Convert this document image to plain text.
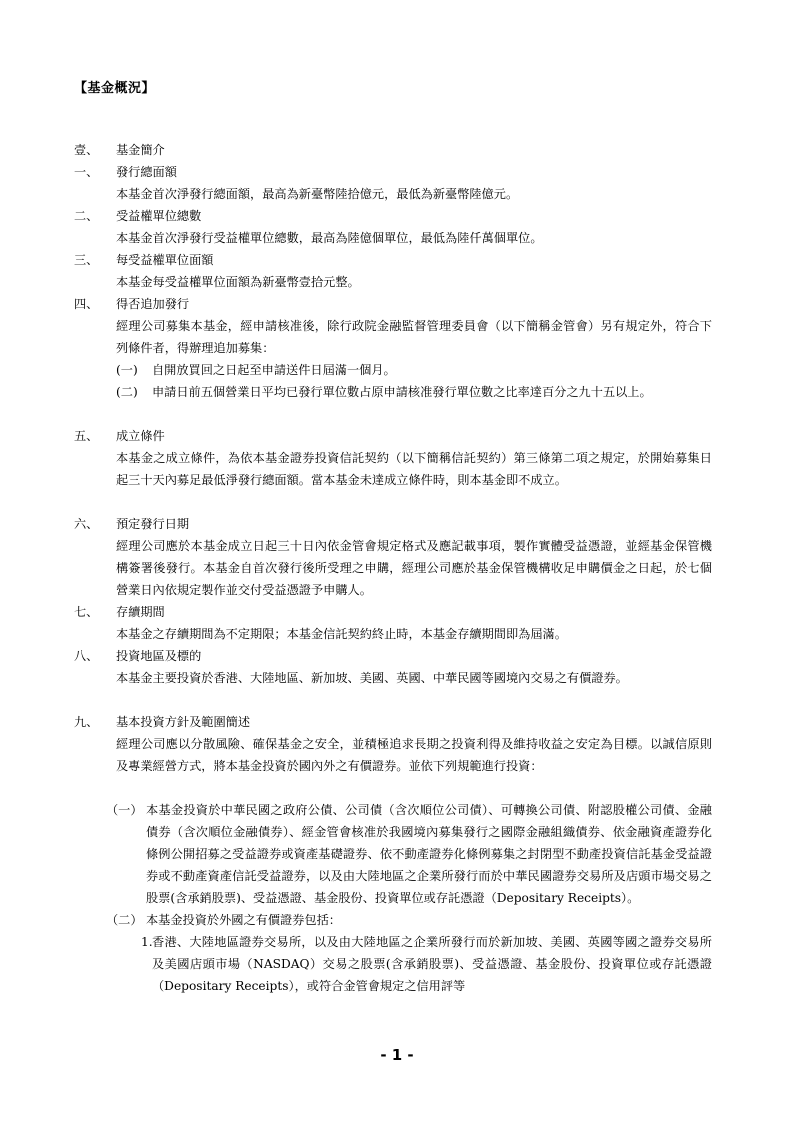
【基金概況】
壹、 基金簡介
一、 發行總面額
本基金首次淨發行總面額，最高為新臺幣陸拾億元，最低為新臺幣陸億元。
二、 受益權單位總數
本基金首次淨發行受益權單位總數，最高為陸億個單位，最低為陸仟萬個單位。
三、 每受益權單位面額
本基金每受益權單位面額為新臺幣壹拾元整。
四、 得否追加發行
經理公司募集本基金，經申請核准後，除行政院金融監督管理委員會（以下簡稱金管會）另有規定外，符合下列條件者，得辦理追加募集：
(一) 自開放買回之日起至申請送件日屆滿一個月。
(二) 申請日前五個營業日平均已發行單位數占原申請核准發行單位數之比率達百分之九十五以上。
五、 成立條件
本基金之成立條件，為依本基金證券投資信託契約（以下簡稱信託契約）第三條第二項之規定，於開始募集日起三十天內募足最低淨發行總面額。當本基金未達成立條件時，則本基金即不成立。
六、 預定發行日期
經理公司應於本基金成立日起三十日內依金管會規定格式及應記載事項，製作實體受益憑證，並經基金保管機構簽署後發行。本基金自首次發行後所受理之申購，經理公司應於基金保管機構收足申購價金之日起，於七個營業日內依規定製作並交付受益憑證予申購人。
七、 存續期間
本基金之存續期間為不定期限；本基金信託契約終止時，本基金存續期間即為屆滿。
八、 投資地區及標的
本基金主要投資於香港、大陸地區、新加坡、美國、英國、中華民國等國境內交易之有價證券。
九、 基本投資方針及範圍簡述
經理公司應以分散風險、確保基金之安全，並積極追求長期之投資利得及維持收益之安定為目標。以誠信原則及專業經營方式，將本基金投資於國內外之有價證券。並依下列規範進行投資：
（一） 本基金投資於中華民國之政府公債、公司債（含次順位公司債）、可轉換公司債、附認股權公司債、金融債券（含次順位金融債券）、經金管會核准於我國境內募集發行之國際金融組織債券、依金融資產證券化條例公開招募之受益證券或資產基礎證券、依不動產證券化條例募集之封閉型不動產投資信託基金受益證券或不動產資產信託受益證券，以及由大陸地區之企業所發行而於中華民國證券交易所及店頭市場交易之股票(含承銷股票)、受益憑證、基金股份、投資單位或存託憑證（Depositary Receipts）。
（二） 本基金投資於外國之有價證券包括：
1. 香港、大陸地區證券交易所，以及由大陸地區之企業所發行而於新加坡、美國、英國等國之證券交易所及美國店頭市場（NASDAQ）交易之股票(含承銷股票)、受益憑證、基金股份、投資單位或存託憑證（Depositary Receipts），或符合金管會規定之信用評等
- 1 -
